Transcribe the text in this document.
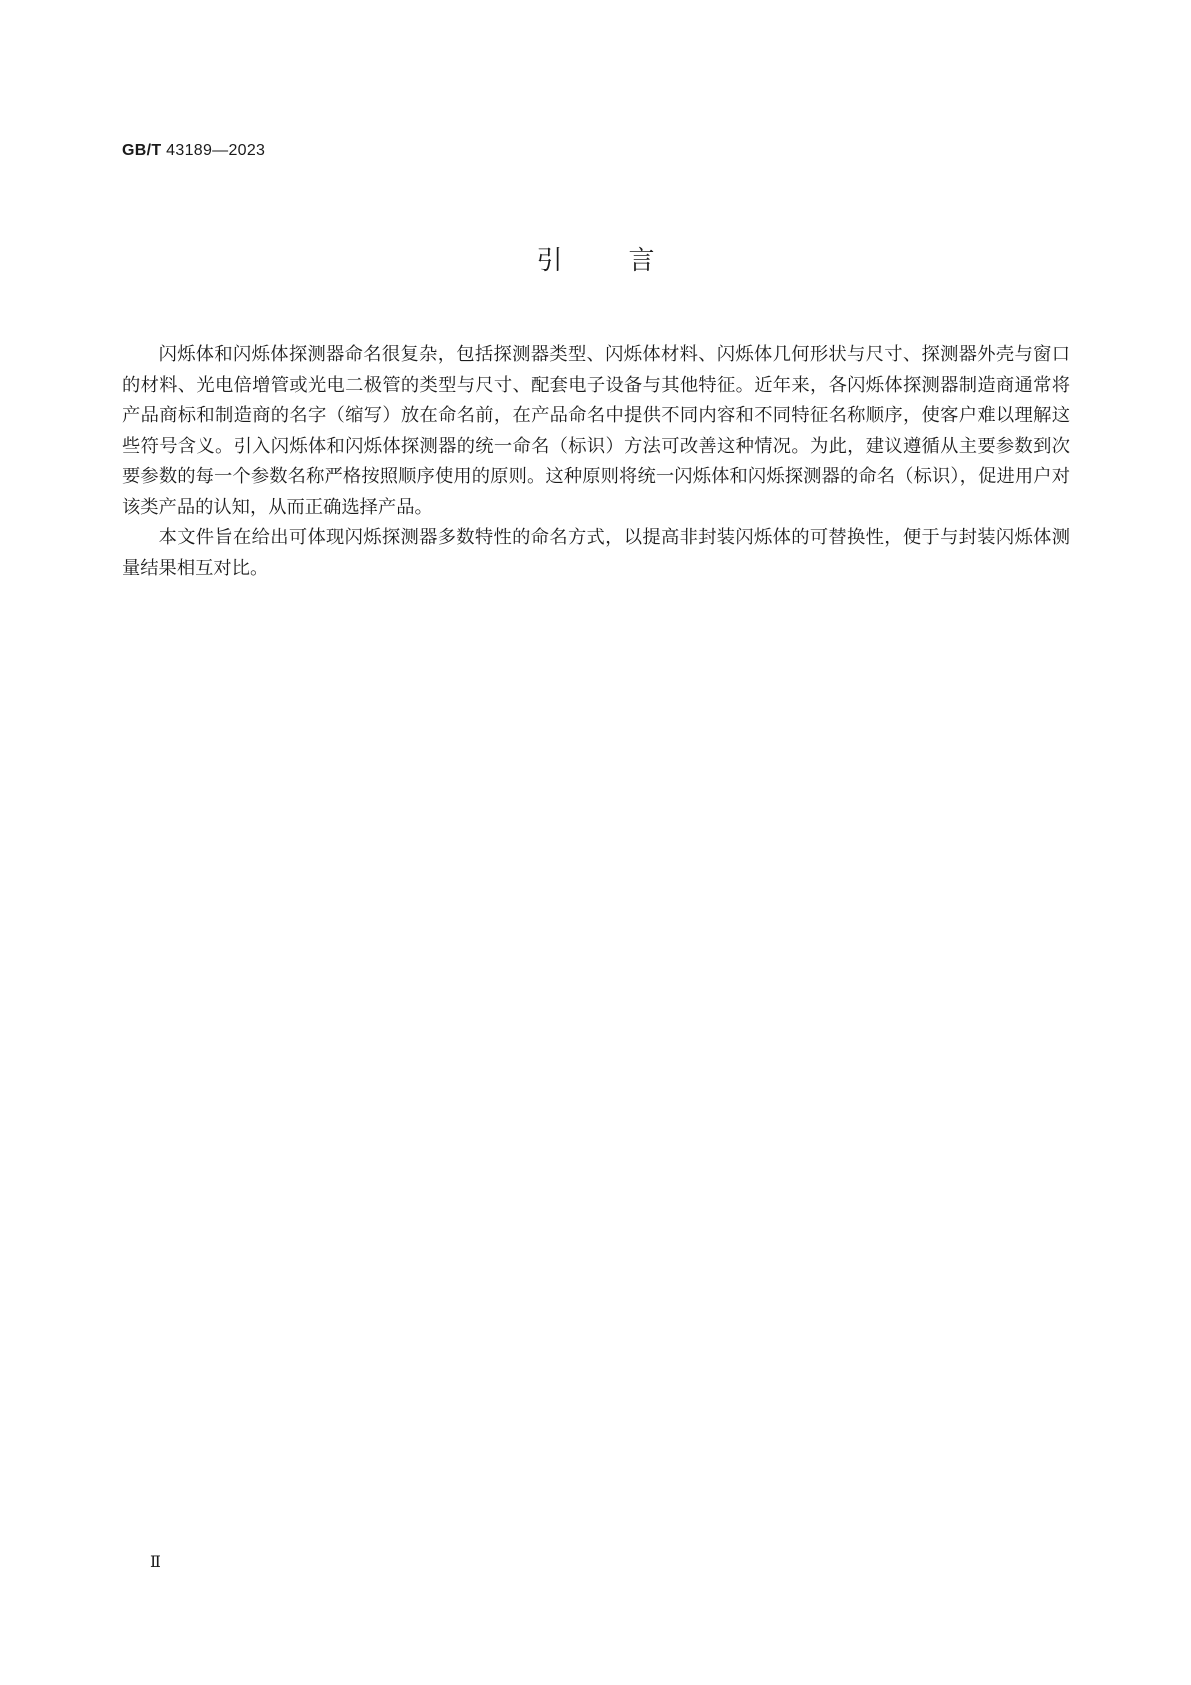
GB/T 43189—2023
引	言

闪烁体和闪烁体探测器命名很复杂，包括探测器类型、闪烁体材料、闪烁体几何形状与尺寸、探测器外壳与窗口的材料、光电倍增管或光电二极管的类型与尺寸、配套电子设备与其他特征。近年来，各闪烁体探测器制造商通常将产品商标和制造商的名字（缩写）放在命名前，在产品命名中提供不同内容和不同特征名称顺序，使客户难以理解这些符号含义。引入闪烁体和闪烁体探测器的统一命名（标识）方法可改善这种情况。为此，建议遵循从主要参数到次要参数的每一个参数名称严格按照顺序使用的原则。这种原则将统一闪烁体和闪烁探测器的命名（标识），促进用户对该类产品的认知，从而正确选择产品。

本文件旨在给出可体现闪烁探测器多数特性的命名方式，以提高非封装闪烁体的可替换性，便于与封装闪烁体测量结果相互对比。

Ⅱ
